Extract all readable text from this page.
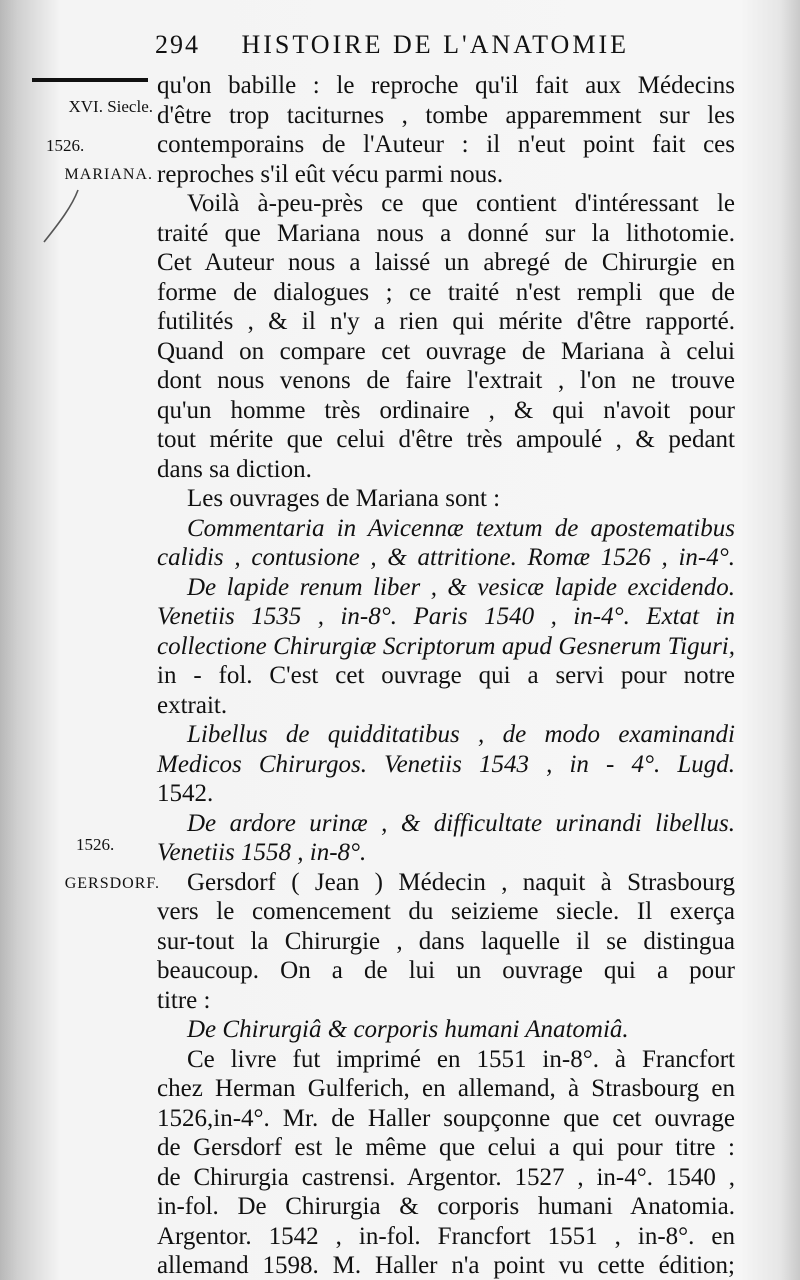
294 HISTOIRE DE L'ANATOMIE
XVI. Siecle.
1526.
MARIANA.
1526.
GERSDORF.
qu'on babille : le reproche qu'il fait aux Médecins
d'être trop taciturnes , tombe apparemment sur les
contemporains de l'Auteur : il n'eut point fait ces
reproches s'il eût vécu parmi nous.
Voilà à-peu-près ce que contient d'intéressant le
traité que Mariana nous a donné sur la lithotomie.
Cet Auteur nous a laissé un abregé de Chirurgie en
forme de dialogues ; ce traité n'est rempli que de
futilités , & il n'y a rien qui mérite d'être rapporté.
Quand on compare cet ouvrage de Mariana à celui
dont nous venons de faire l'extrait , l'on ne trouve
qu'un homme très ordinaire , & qui n'avoit pour
tout mérite que celui d'être très ampoulé , & pedant
dans sa diction.
Les ouvrages de Mariana sont :
Commentaria in Avicennæ textum de apostematibus
calidis , contusione , & attritione. Romæ 1526 , in-4°.
De lapide renum liber , & vesicæ lapide excidendo.
Venetiis 1535 , in-8°. Paris 1540 , in-4°. Extat in
collectione Chirurgiæ Scriptorum apud Gesnerum Tiguri,
in - fol. C'est cet ouvrage qui a servi pour notre
extrait.
Libellus de quidditatibus , de modo examinandi
Medicos Chirurgos. Venetiis 1543 , in - 4°. Lugd.
1542.
De ardore urinæ , & difficultate urinandi libellus.
Venetiis 1558 , in-8°.
Gersdorf ( Jean ) Médecin , naquit à Strasbourg
vers le comencement du seizieme siecle. Il exerça
sur-tout la Chirurgie , dans laquelle il se distingua
beaucoup. On a de lui un ouvrage qui a pour
titre :
De Chirurgiâ & corporis humani Anatomiâ.
Ce livre fut imprimé en 1551 in-8°. à Francfort
chez Herman Gulferich, en allemand, à Strasbourg en
1526,in-4°. Mr. de Haller soupçonne que cet ouvrage
de Gersdorf est le même que celui a qui pour titre :
de Chirurgia castrensi. Argentor. 1527 , in-4°. 1540 ,
in-fol. De Chirurgia & corporis humani Anatomia.
Argentor. 1542 , in-fol. Francfort 1551 , in-8°. en
allemand 1598. M. Haller n'a point vu cette édition;
